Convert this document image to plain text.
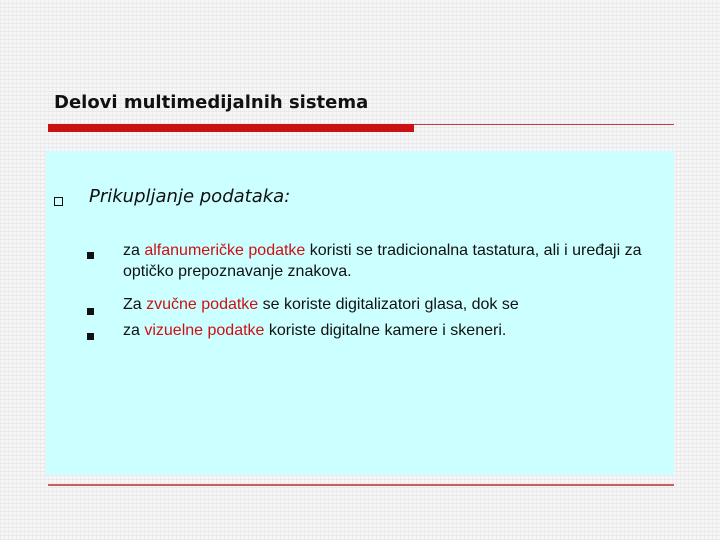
Delovi multimedijalnih sistema
Prikupljanje podataka:
za alfanumeričke podatke koristi se tradicionalna tastatura, ali i uređaji za optičko prepoznavanje znakova.
Za zvučne podatke se koriste digitalizatori glasa, dok se
za vizuelne podatke koriste digitalne kamere i skeneri.
